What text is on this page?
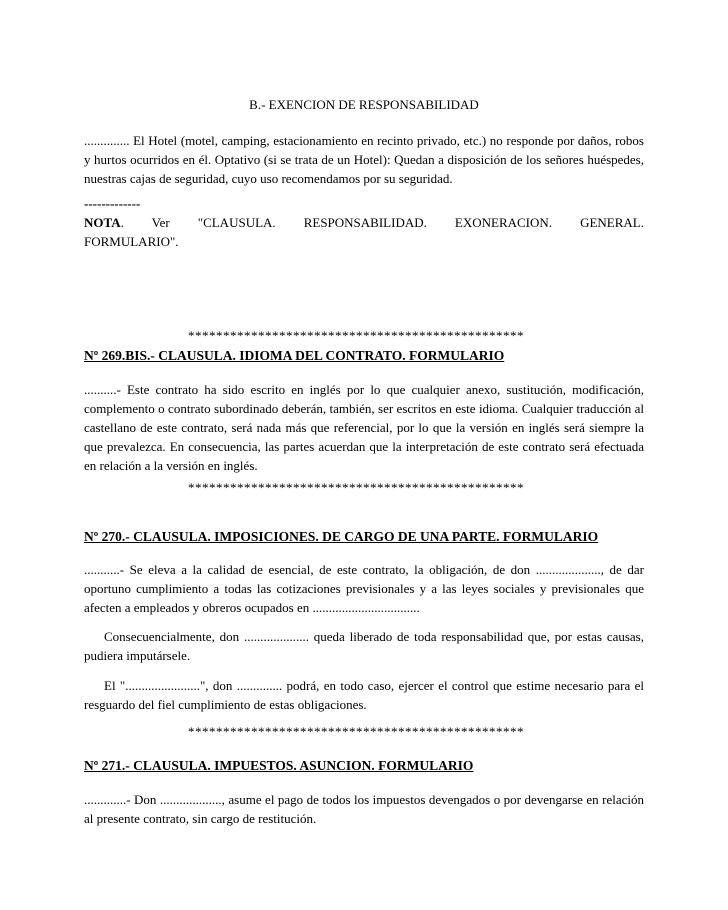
B.- EXENCION DE RESPONSABILIDAD

.............. El Hotel (motel, camping, estacionamiento en recinto privado, etc.) no responde por daños, robos y hurtos ocurridos en él. Optativo (si se trata de un Hotel): Quedan a disposición de los señores huéspedes, nuestras cajas de seguridad, cuyo uso recomendamos por su seguridad.

-------------
NOTA. Ver "CLAUSULA. RESPONSABILIDAD. EXONERACION. GENERAL.
FORMULARIO".
************************************************
Nº 269.BIS.- CLAUSULA. IDIOMA DEL CONTRATO. FORMULARIO

..........- Este contrato ha sido escrito en inglés por lo que cualquier anexo, sustitución, modificación, complemento o contrato subordinado deberán, también, ser escritos en este idioma. Cualquier traducción al castellano de este contrato, será nada más que referencial, por lo que la versión en inglés será siempre la que prevalezca. En consecuencia, las partes acuerdan que la interpretación de este contrato será efectuada en relación a la versión en inglés.

************************************************
Nº 270.- CLAUSULA. IMPOSICIONES. DE CARGO DE UNA PARTE. FORMULARIO

...........- Se eleva a la calidad de esencial, de este contrato, la obligación, de don ...................., de dar oportuno cumplimiento a todas las cotizaciones previsionales y a las leyes sociales y previsionales que afecten a empleados y obreros ocupados en .................................

Consecuencialmente, don .................... queda liberado de toda responsabilidad que, por estas causas, pudiera imputársele.

El ".......................", don .............. podrá, en todo caso, ejercer el control que estime necesario para el resguardo del fiel cumplimiento de estas obligaciones.

************************************************
Nº 271.- CLAUSULA. IMPUESTOS. ASUNCION. FORMULARIO

.............- Don ..................., asume el pago de todos los impuestos devengados o por devengarse en relación al presente contrato, sin cargo de restitución.
